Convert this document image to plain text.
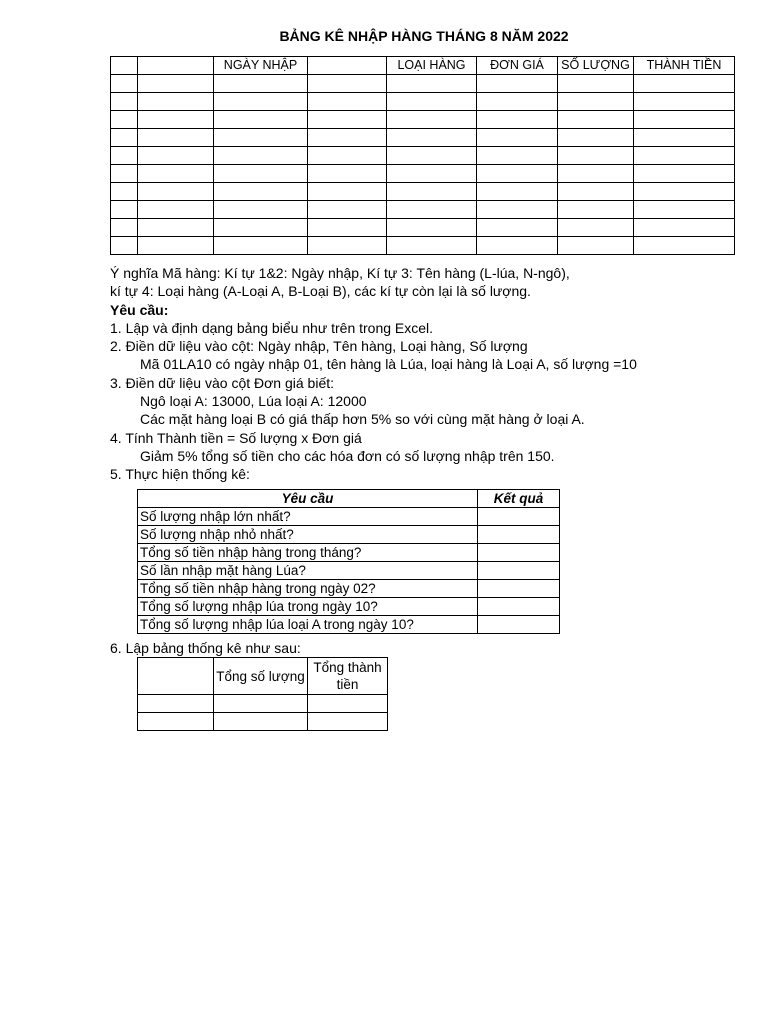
BẢNG KÊ NHẬP HÀNG THÁNG 8 NĂM 2022
		NGÀY NHẬP		LOẠI HÀNG	ĐƠN GIÁ	SỐ LƯỢNG	THÀNH TIỀN

Ý nghĩa Mã hàng: Kí tự 1&2: Ngày nhập, Kí tự 3: Tên hàng (L-lúa, N-ngô),
kí tự 4: Loại hàng (A-Loại A, B-Loại B), các kí tự còn lại là số lượng.
Yêu cầu:
1. Lập và định dạng bảng biểu như trên trong Excel.
2. Điền dữ liệu vào cột: Ngày nhập, Tên hàng, Loại hàng, Số lượng
Mã 01LA10 có ngày nhập 01, tên hàng là Lúa, loại hàng là Loại A, số lượng =10
3. Điền dữ liệu vào cột Đơn giá biết:
Ngô loại A: 13000, Lúa loại A: 12000
Các mặt hàng loại B có giá thấp hơn 5% so với cùng mặt hàng ở loại A.
4. Tính Thành tiền = Số lượng x Đơn giá
Giảm 5% tổng số tiền cho các hóa đơn có số lượng nhập trên 150.
5. Thực hiện thống kê:
Yêu cầu	Kết quả
Số lượng nhập lớn nhất?	
Số lượng nhập nhỏ nhất?	
Tổng số tiền nhập hàng trong tháng?	
Số lần nhập mặt hàng Lúa?	
Tổng số tiền nhập hàng trong ngày 02?	
Tổng số lượng nhập lúa trong ngày 10?	
Tổng số lượng nhập lúa loại A trong ngày 10?	
6. Lập bảng thống kê như sau:
	Tổng số lượng	Tổng thành tiền
